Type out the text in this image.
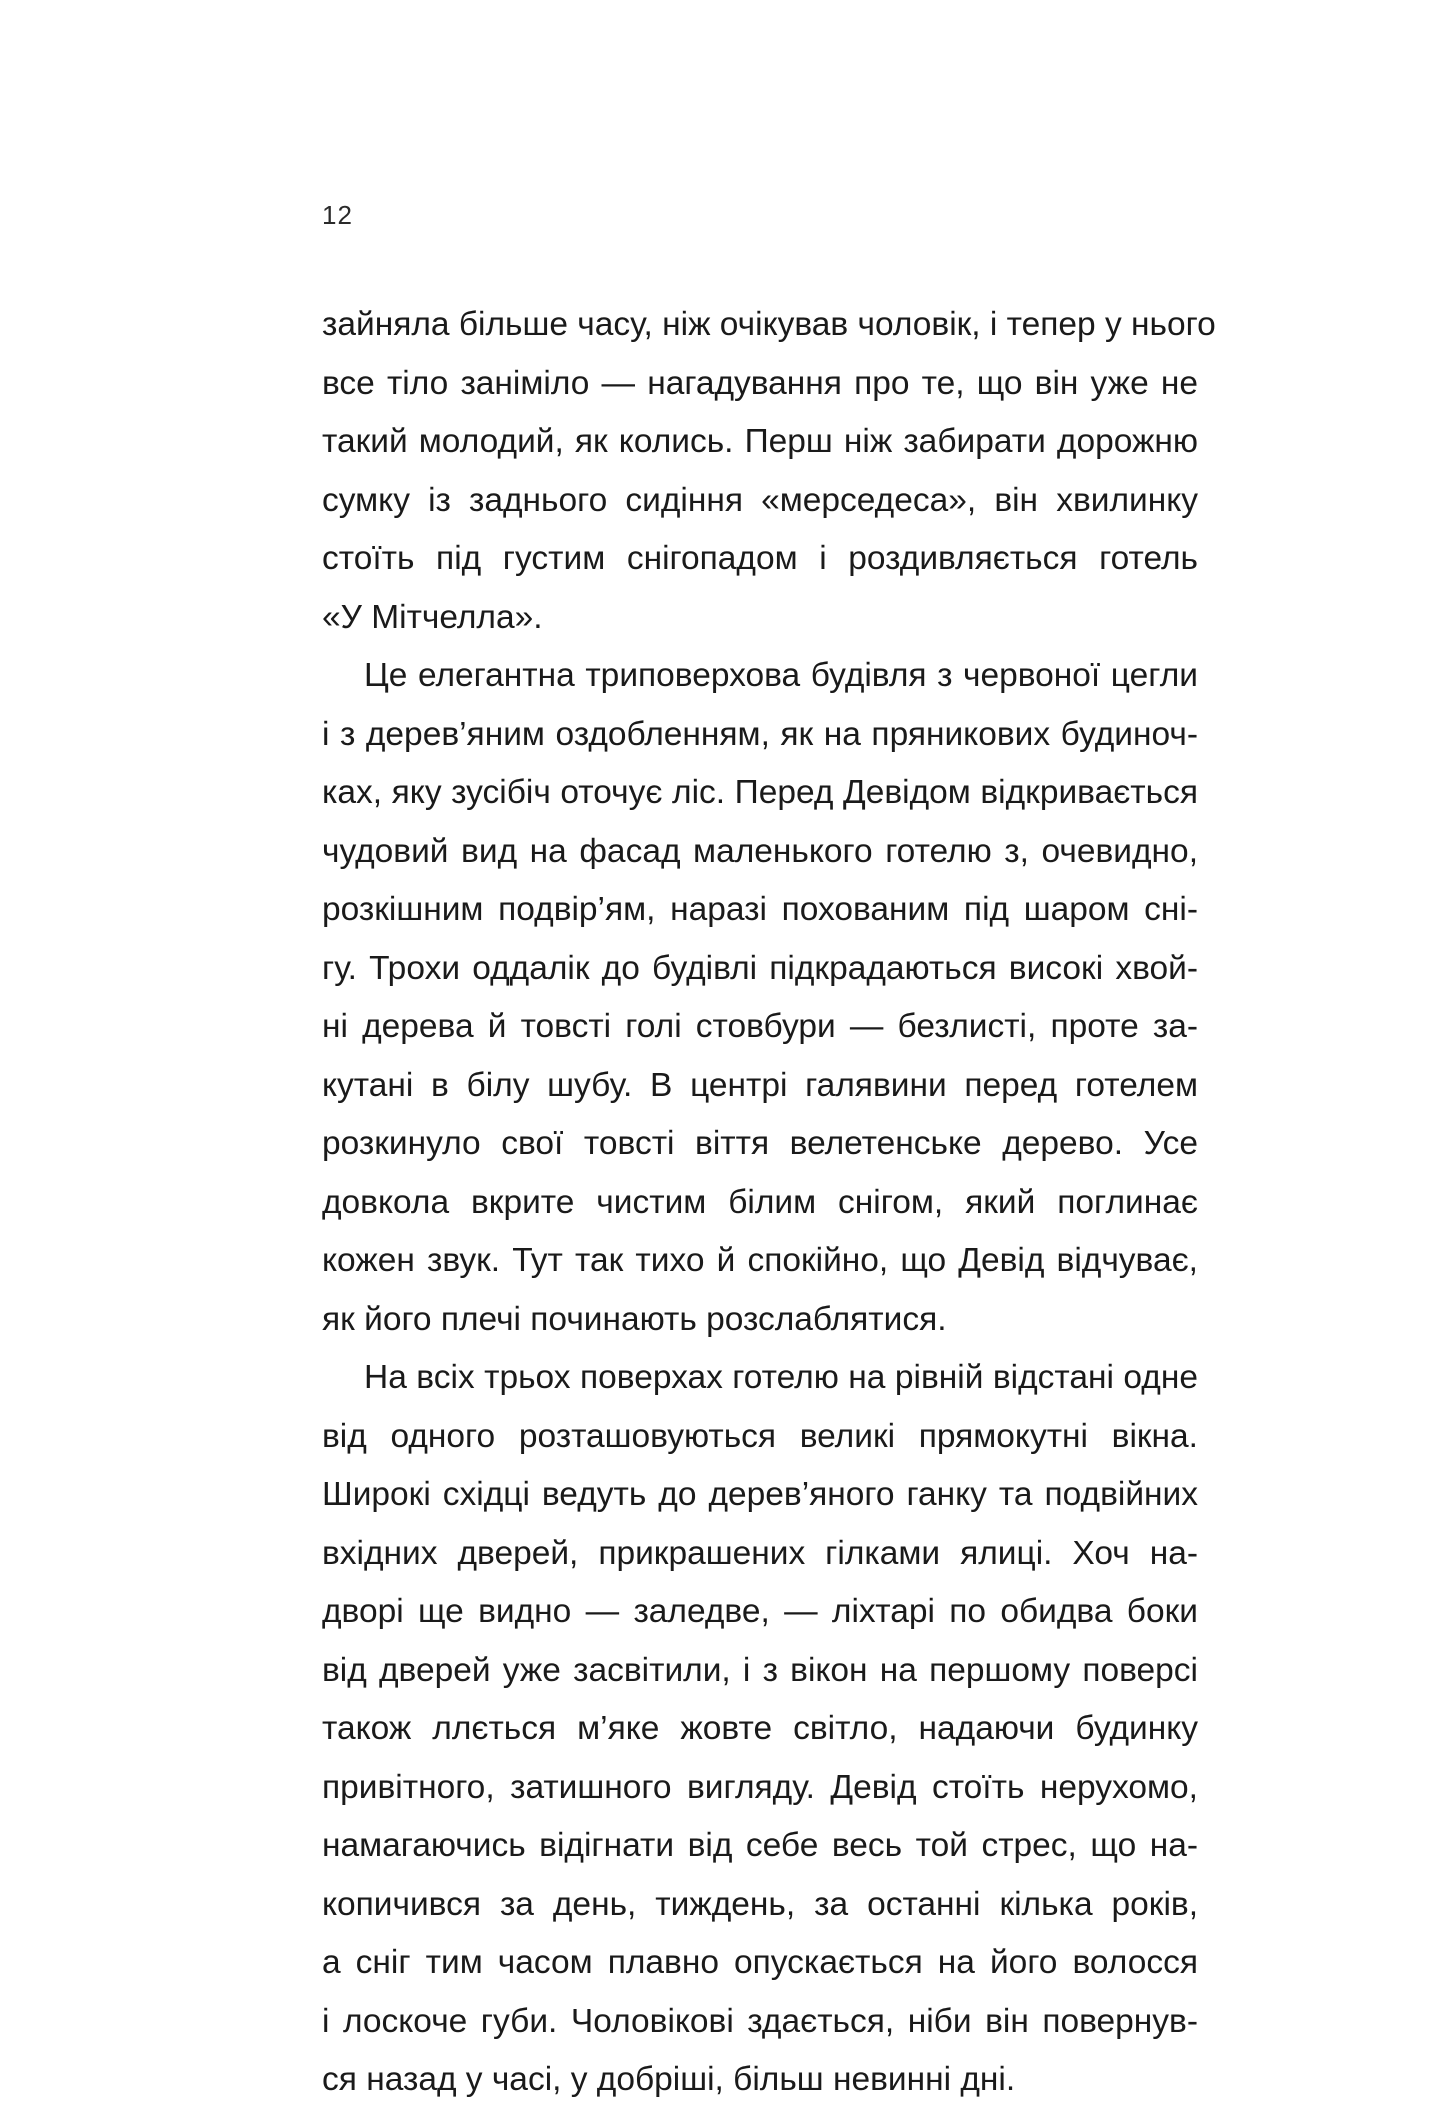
12
зайняла більше часу, ніж очікував чоловік, і тепер у нього
все тіло заніміло — нагадування про те, що він уже не
такий молодий, як колись. Перш ніж забирати дорожню
сумку із заднього сидіння «мерседеса», він хвилинку
стоїть під густим снігопадом і роздивляється готель
«У Мітчелла».
Це елегантна триповерхова будівля з червоної цегли
і з дерев’яним оздобленням, як на пряникових будиноч-
ках, яку зусібіч оточує ліс. Перед Девідом відкривається
чудовий вид на фасад маленького готелю з, очевидно,
розкішним подвір’ям, наразі похованим під шаром сні-
гу. Трохи оддалік до будівлі підкрадаються високі хвой-
ні дерева й товсті голі стовбури — безлисті, проте за-
кутані в білу шубу. В центрі галявини перед готелем
розкинуло свої товсті віття велетенське дерево. Усе
довкола вкрите чистим білим снігом, який поглинає
кожен звук. Тут так тихо й спокійно, що Девід відчуває,
як його плечі починають розслаблятися.
На всіх трьох поверхах готелю на рівній відстані одне
від одного розташовуються великі прямокутні вікна.
Широкі східці ведуть до дерев’яного ганку та подвійних
вхідних дверей, прикрашених гілками ялиці. Хоч на-
дворі ще видно — заледве, — ліхтарі по обидва боки
від дверей уже засвітили, і з вікон на першому поверсі
також ллється м’яке жовте світло, надаючи будинку
привітного, затишного вигляду. Девід стоїть нерухомо,
намагаючись відігнати від себе весь той стрес, що на-
копичився за день, тиждень, за останні кілька років,
а сніг тим часом плавно опускається на його волосся
і лоскоче губи. Чоловікові здається, ніби він повернув-
ся назад у часі, у добріші, більш невинні дні.
